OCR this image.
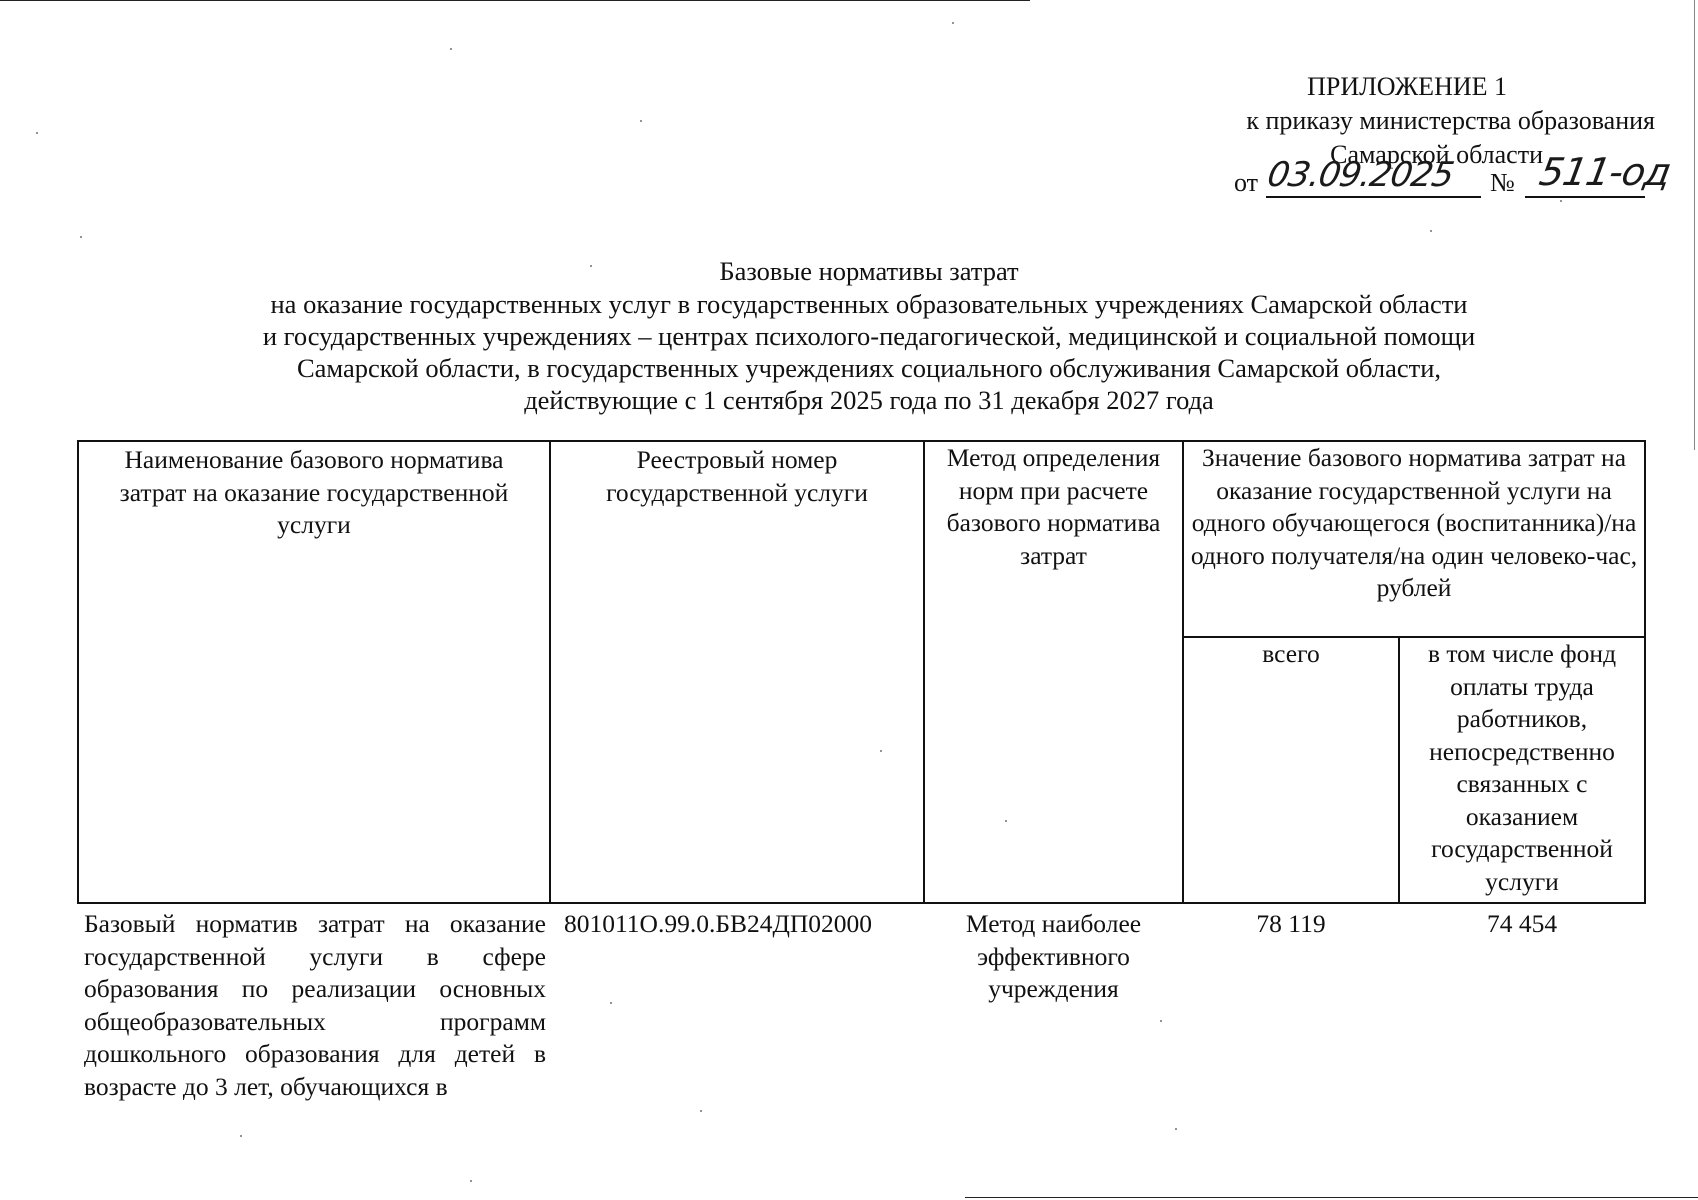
ПРИЛОЖЕНИЕ 1
к приказу министерства образования
Самарской области
от 03.09.2025 № 511-од
Базовые нормативы затрат
на оказание государственных услуг в государственных образовательных учреждениях Самарской области
и государственных учреждениях – центрах психолого-педагогической, медицинской и социальной помощи
Самарской области, в государственных учреждениях социального обслуживания Самарской области,
действующие с 1 сентября 2025 года по 31 декабря 2027 года
Наименование базового норматива затрат на оказание государственной услуги	Реестровый номер государственной услуги	Метод определения норм при расчете базового норматива затрат	Значение базового норматива затрат на оказание государственной услуги на одного обучающегося (воспитанника)/на одного получателя/на один человеко-час, рублей	
			всего	в том числе фонд оплаты труда работников, непосредственно связанных с оказанием государственной услуги
Базовый норматив затрат на оказание государственной услуги в сфере образования по реализации основных общеобразовательных программ дошкольного образования для детей в возрасте до 3 лет, обучающихся в	801011О.99.0.БВ24ДП02000	Метод наиболее эффективного учреждения	78 119	74 454
